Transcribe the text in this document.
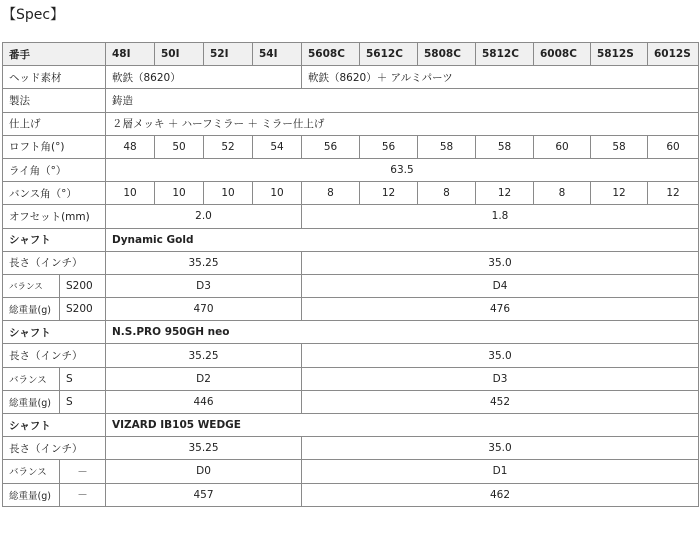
【Spec】
番手		48I	50I	52I	54I	5608C	5612C	5808C	5812C	6008C	5812S	6012S
ヘッド素材		軟鉄（8620）				軟鉄（8620）＋ アルミパーツ						
製法		鋳造										
仕上げ		２層メッキ ＋ ハーフミラー ＋ ミラー仕上げ										
ロフト角(°)		48	50	52	54	56	56	58	58	60	58	60
ライ角（°）		63.5										
バンス角（°）		10	10	10	10	8	12	8	12	8	12	12
オフセット(mm)		2.0				1.8						
シャフト		Dynamic Gold										
長さ（インチ）		35.25				35.0						
バランス	S200	D3				D4						
総重量(g)	S200	470				476						
シャフト		N.S.PRO 950GH neo										
長さ（インチ）		35.25				35.0						
バランス	S	D2				D3						
総重量(g)	S	446				452						
シャフト		VIZARD IB105 WEDGE										
長さ（インチ）		35.25				35.0						
バランス	－	D0				D1						
総重量(g)	－	457				462						
